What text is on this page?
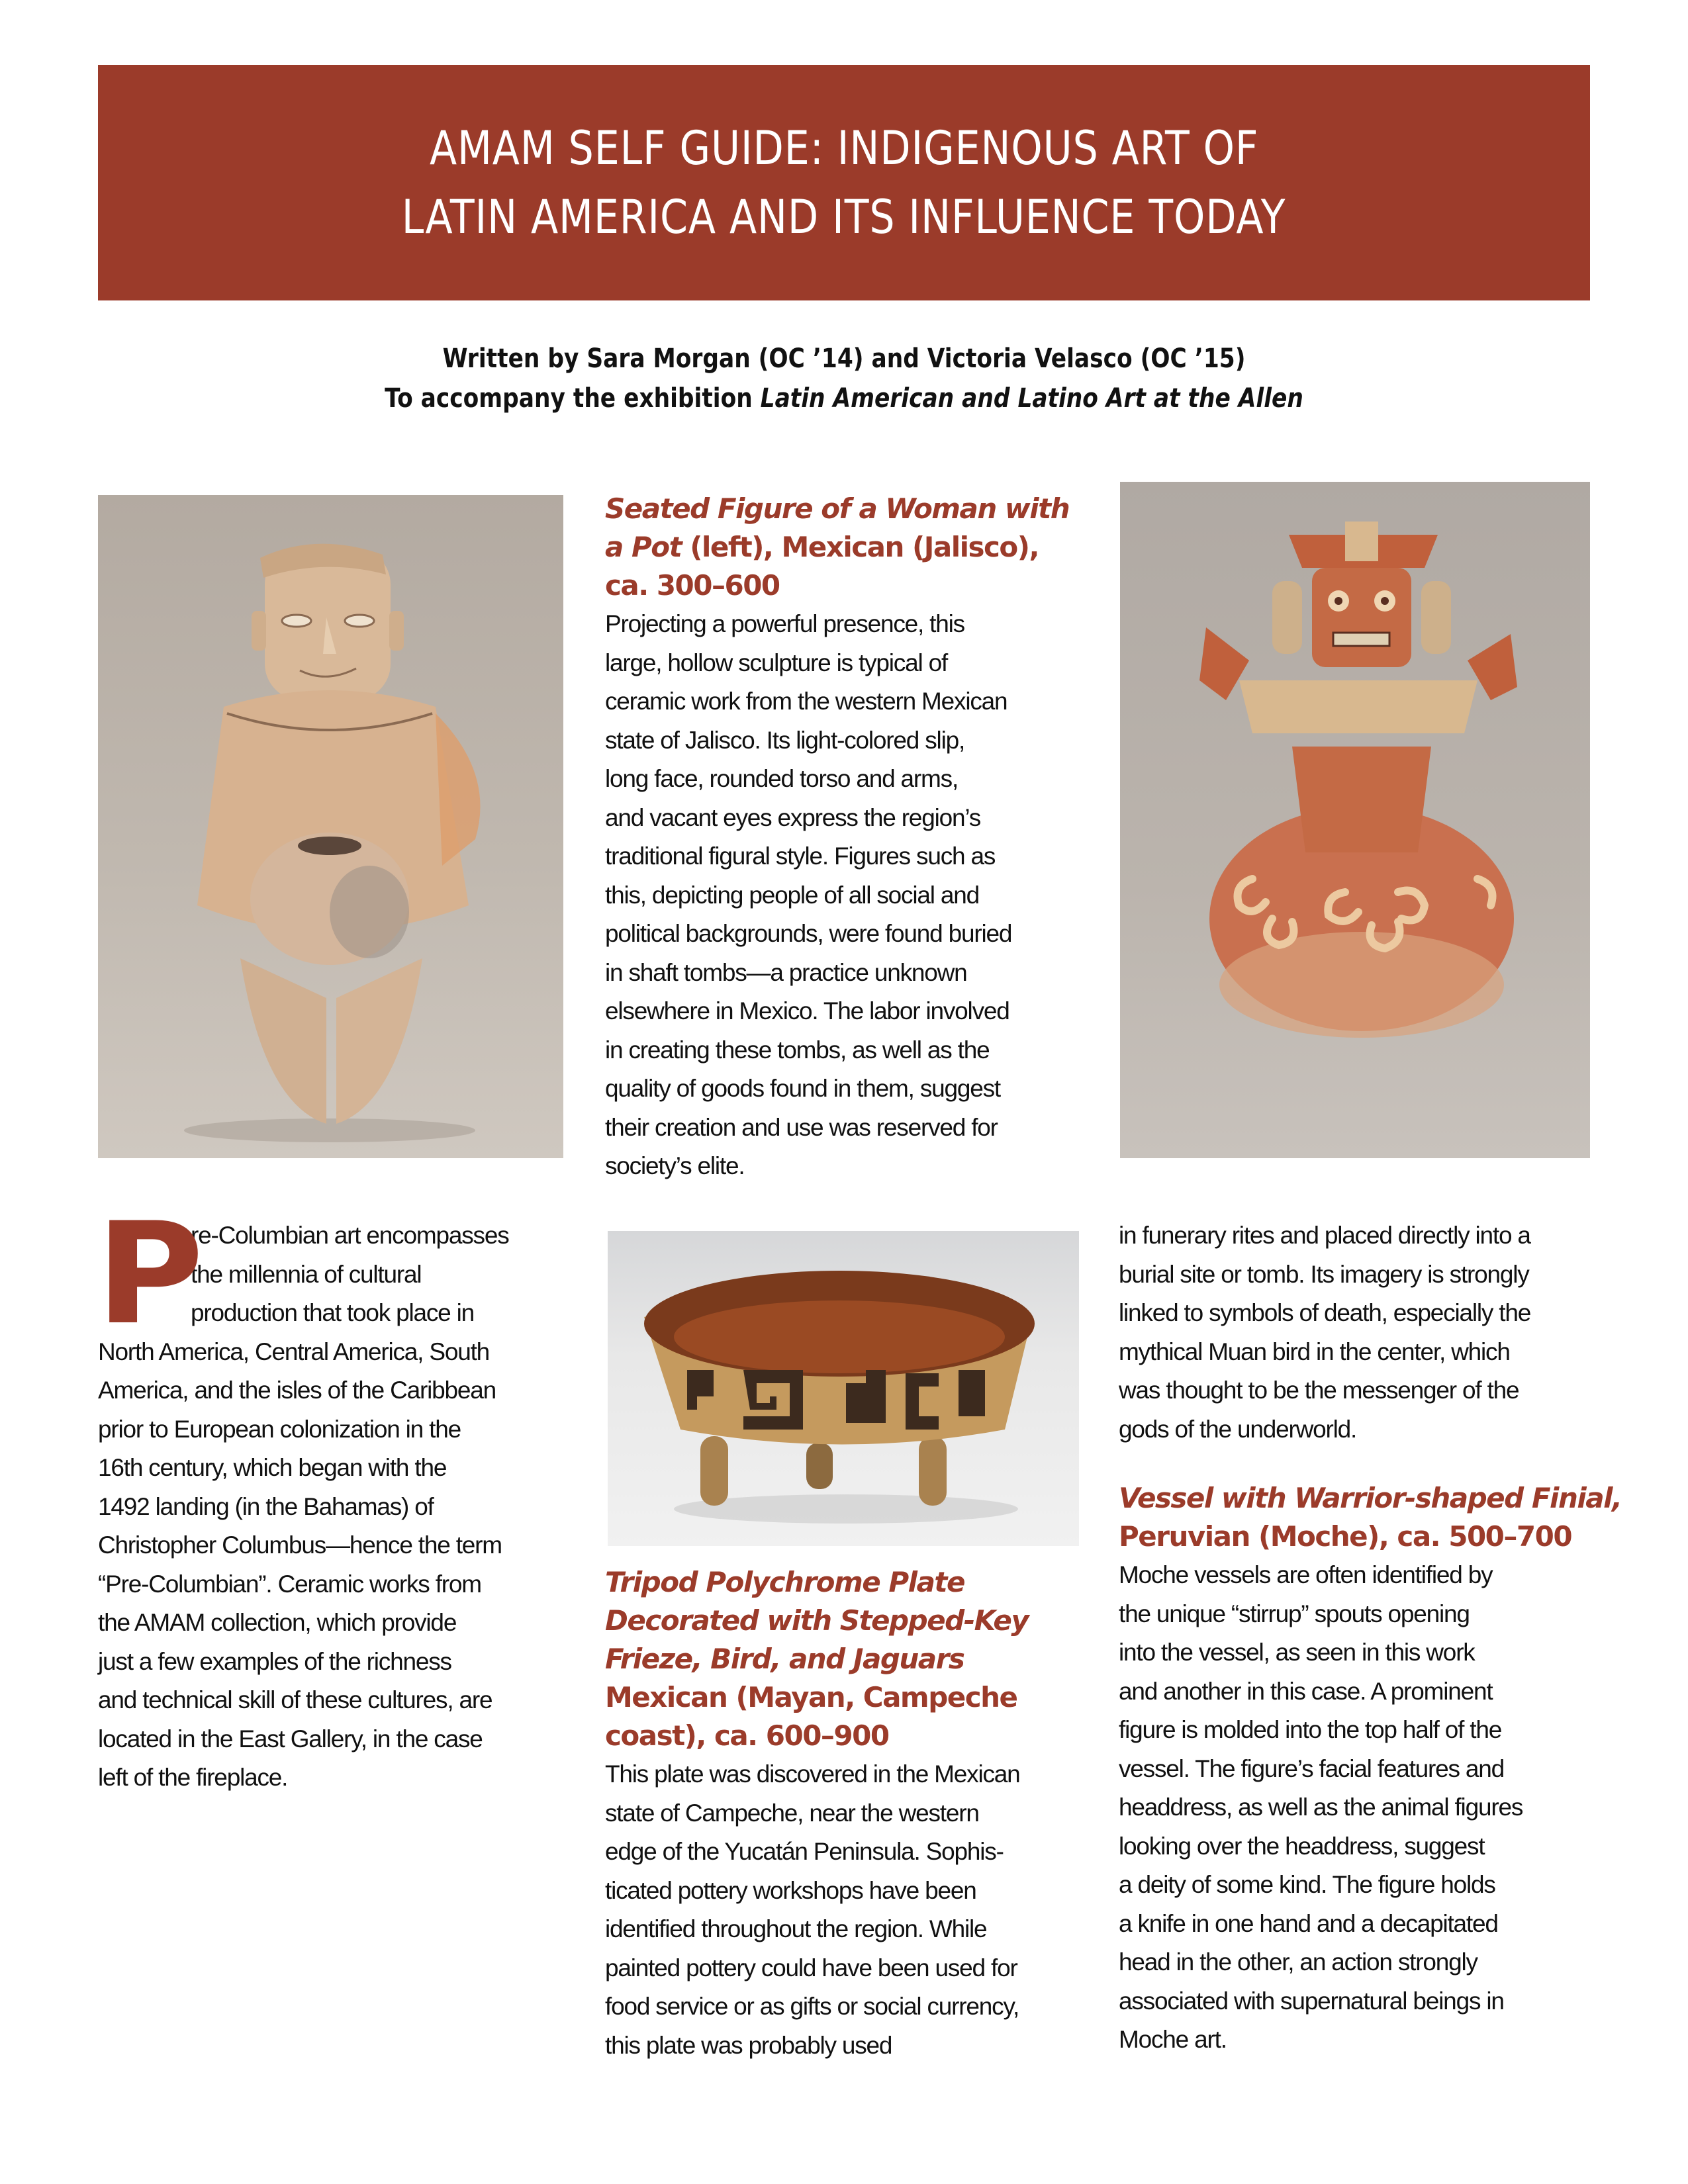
AMAM SELF GUIDE: INDIGENOUS ART OF
LATIN AMERICA AND ITS INFLUENCE TODAY
Written by Sara Morgan (OC ’14) and Victoria Velasco (OC ’15)
To accompany the exhibition Latin American and Latino Art at the Allen
Seated Figure of a Woman with
a Pot (left), Mexican (Jalisco),
ca. 300–600
Projecting a powerful presence, this
large, hollow sculpture is typical of
ceramic work from the western Mexican
state of Jalisco. Its light-colored slip,
long face, rounded torso and arms,
and vacant eyes express the region’s
traditional figural style. Figures such as
this, depicting people of all social and
political backgrounds, were found buried
in shaft tombs—a practice unknown
elsewhere in Mexico. The labor involved
in creating these tombs, as well as the
quality of goods found in them, suggest
their creation and use was reserved for
society’s elite.
P
re-Columbian art encompasses
the millennia of cultural
production that took place in
North America, Central America, South
America, and the isles of the Caribbean
prior to European colonization in the
16th century, which began with the
1492 landing (in the Bahamas) of
Christopher Columbus—hence the term
“Pre-Columbian”. Ceramic works from
the AMAM collection, which provide
just a few examples of the richness
and technical skill of these cultures, are
located in the East Gallery, in the case
left of the fireplace.
Tripod Polychrome Plate
Decorated with Stepped-Key
Frieze, Bird, and Jaguars
Mexican (Mayan, Campeche
coast), ca. 600–900
This plate was discovered in the Mexican
state of Campeche, near the western
edge of the Yucatán Peninsula. Sophis-
ticated pottery workshops have been
identified throughout the region. While
painted pottery could have been used for
food service or as gifts or social currency,
this plate was probably used
in funerary rites and placed directly into a
burial site or tomb. Its imagery is strongly
linked to symbols of death, especially the
mythical Muan bird in the center, which
was thought to be the messenger of the
gods of the underworld.
Vessel with Warrior-shaped Finial,
Peruvian (Moche), ca. 500–700
Moche vessels are often identified by
the unique “stirrup” spouts opening
into the vessel, as seen in this work
and another in this case. A prominent
figure is molded into the top half of the
vessel. The figure’s facial features and
headdress, as well as the animal figures
looking over the headdress, suggest
a deity of some kind. The figure holds
a knife in one hand and a decapitated
head in the other, an action strongly
associated with supernatural beings in
Moche art.
